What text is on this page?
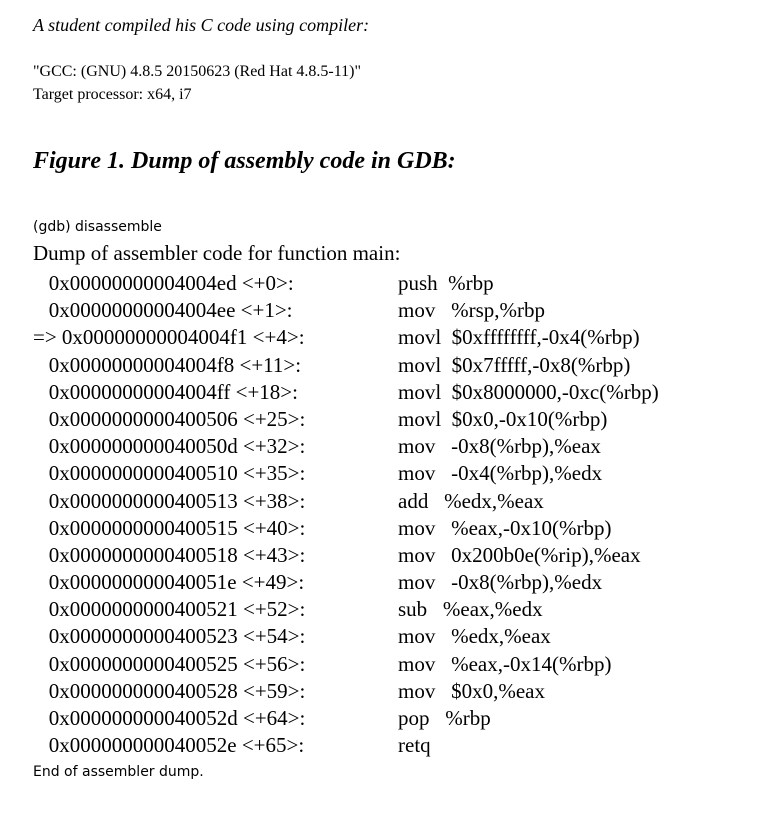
A student compiled his C code using compiler:
"GCC: (GNU) 4.8.5 20150623 (Red Hat 4.8.5-11)"
Target processor: x64, i7
Figure 1. Dump of assembly code in GDB:
(gdb) disassemble
Dump of assembler code for function main:
0x00000000004004ed <+0>:	push  %rbp
0x00000000004004ee <+1>:	mov   %rsp,%rbp
=> 0x00000000004004f1 <+4>:	movl  $0xffffffff,-0x4(%rbp)
0x00000000004004f8 <+11>:	movl  $0x7fffff,-0x8(%rbp)
0x00000000004004ff <+18>:	movl  $0x8000000,-0xc(%rbp)
0x0000000000400506 <+25>:	movl  $0x0,-0x10(%rbp)
0x000000000040050d <+32>:	mov   -0x8(%rbp),%eax
0x0000000000400510 <+35>:	mov   -0x4(%rbp),%edx
0x0000000000400513 <+38>:	add   %edx,%eax
0x0000000000400515 <+40>:	mov   %eax,-0x10(%rbp)
0x0000000000400518 <+43>:	mov   0x200b0e(%rip),%eax
0x000000000040051e <+49>:	mov   -0x8(%rbp),%edx
0x0000000000400521 <+52>:	sub   %eax,%edx
0x0000000000400523 <+54>:	mov   %edx,%eax
0x0000000000400525 <+56>:	mov   %eax,-0x14(%rbp)
0x0000000000400528 <+59>:	mov   $0x0,%eax
0x000000000040052d <+64>:	pop   %rbp
0x000000000040052e <+65>:	retq
End of assembler dump.
